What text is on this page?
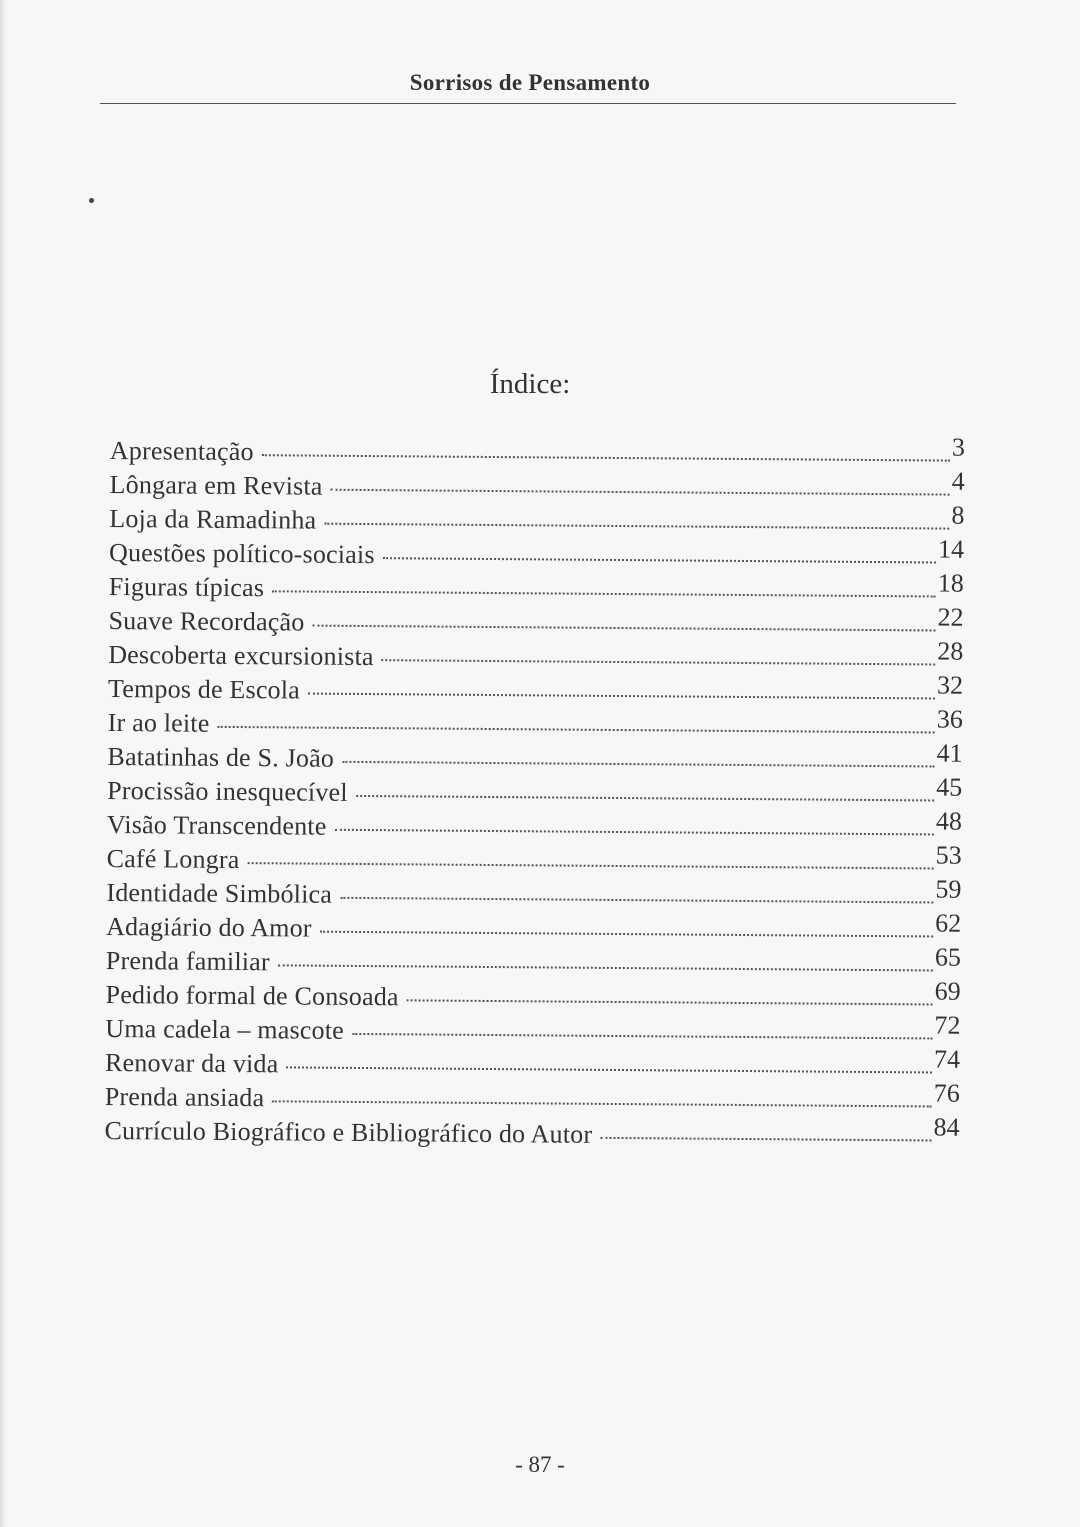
Sorrisos de Pensamento
Índice:
Apresentação	3
Lôngara em Revista	4
Loja da Ramadinha	8
Questões político-sociais	14
Figuras típicas	18
Suave Recordação	22
Descoberta excursionista	28
Tempos de Escola	32
Ir ao leite	36
Batatinhas de S. João	41
Procissão inesquecível	45
Visão Transcendente	48
Café Longra	53
Identidade Simbólica	59
Adagiário do Amor	62
Prenda familiar	65
Pedido formal de Consoada	69
Uma cadela – mascote	72
Renovar da vida	74
Prenda ansiada	76
Currículo Biográfico e Bibliográfico do Autor	84
- 87 -
